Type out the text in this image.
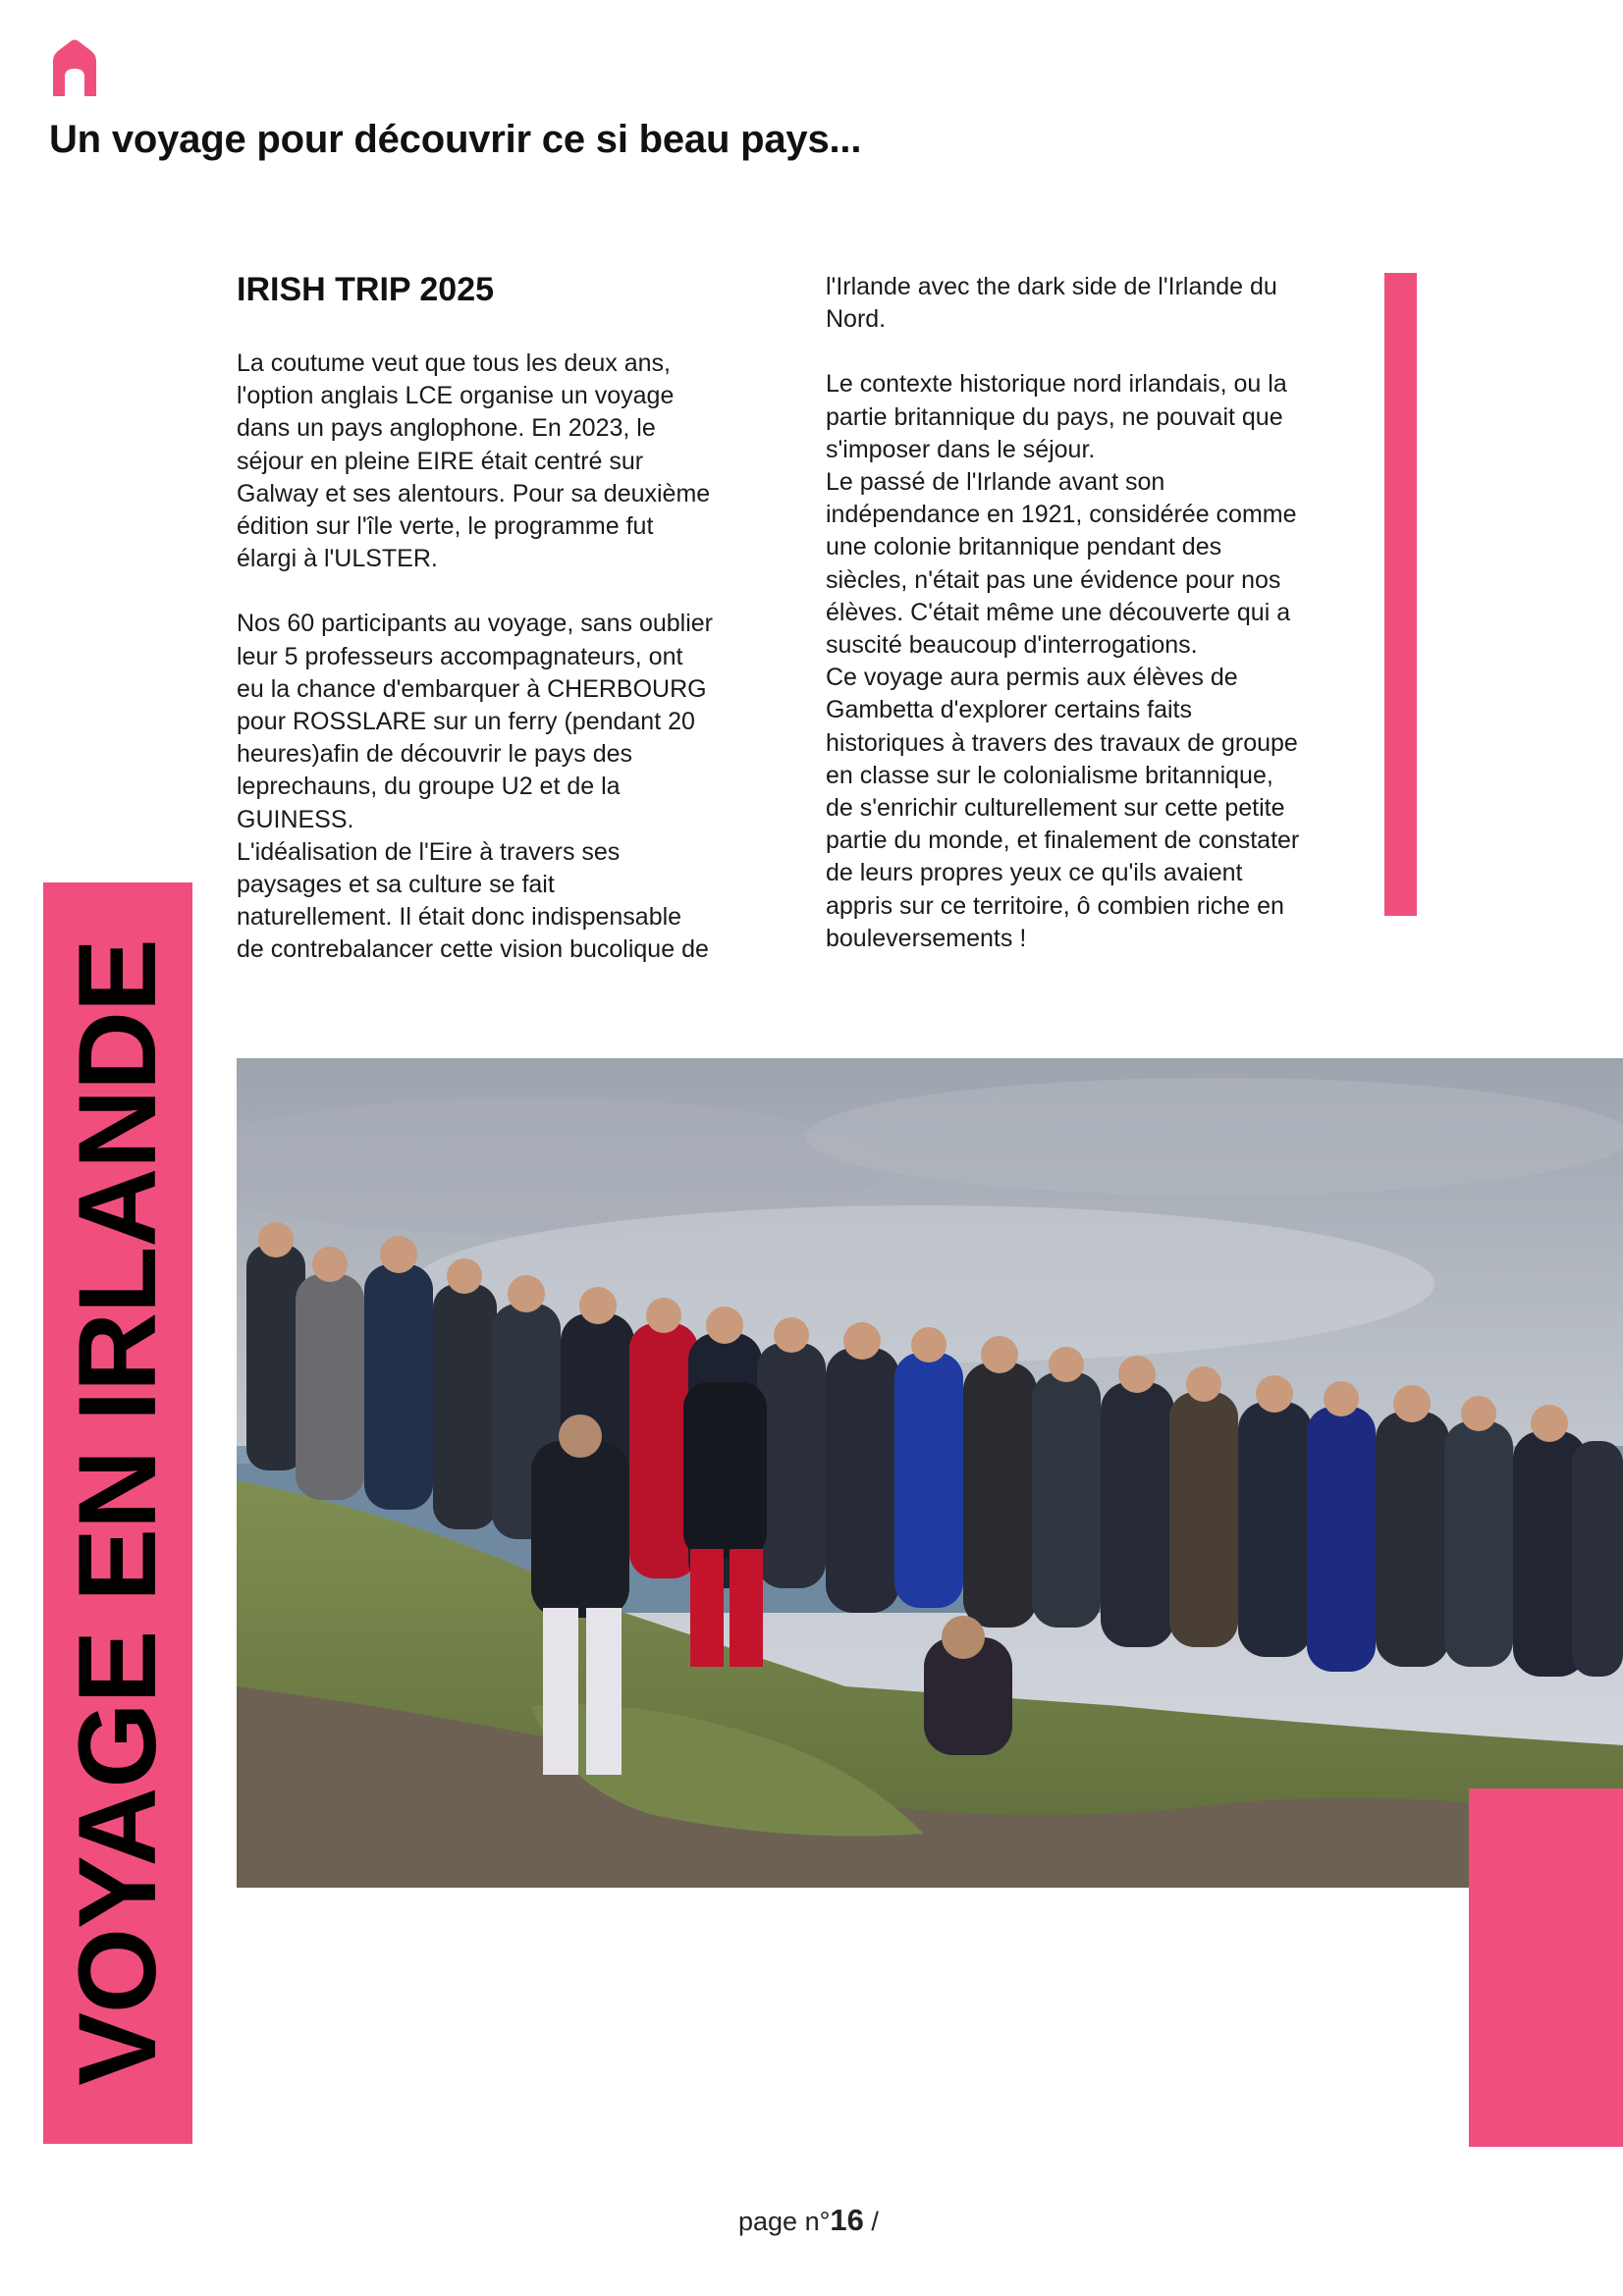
Un voyage pour découvrir ce si beau pays...
IRISH TRIP 2025

La coutume veut que tous les deux ans,
l'option anglais LCE organise un voyage
dans un pays anglophone. En 2023, le
séjour en pleine EIRE était centré sur
Galway et ses alentours. Pour sa deuxième
édition sur l'île verte, le programme fut
élargi à l'ULSTER.

Nos 60 participants au voyage, sans oublier
leur 5 professeurs accompagnateurs, ont
eu la chance d'embarquer à CHERBOURG
pour ROSSLARE sur un ferry (pendant 20
heures)afin de découvrir le pays des
leprechauns, du groupe U2 et de la
GUINESS.
L'idéalisation de l'Eire à travers ses
paysages et sa culture se fait
naturellement. Il était donc indispensable
de contrebalancer cette vision bucolique de

l'Irlande avec the dark side de l'Irlande du
Nord.

Le contexte historique nord irlandais, ou la
partie britannique du pays, ne pouvait que
s'imposer dans le séjour.
Le passé de l'Irlande avant son
indépendance en 1921, considérée comme
une colonie britannique pendant des
siècles, n'était pas une évidence pour nos
élèves. C'était même une découverte qui a
suscité beaucoup d'interrogations.
Ce voyage aura permis aux élèves de
Gambetta d'explorer certains faits
historiques à travers des travaux de groupe
en classe sur le colonialisme britannique,
de s'enrichir culturellement sur cette petite
partie du monde, et finalement de constater
de leurs propres yeux ce qu'ils avaient
appris sur ce territoire, ô combien riche en
bouleversements !

VOYAGE EN IRLANDE
page n°16 /
